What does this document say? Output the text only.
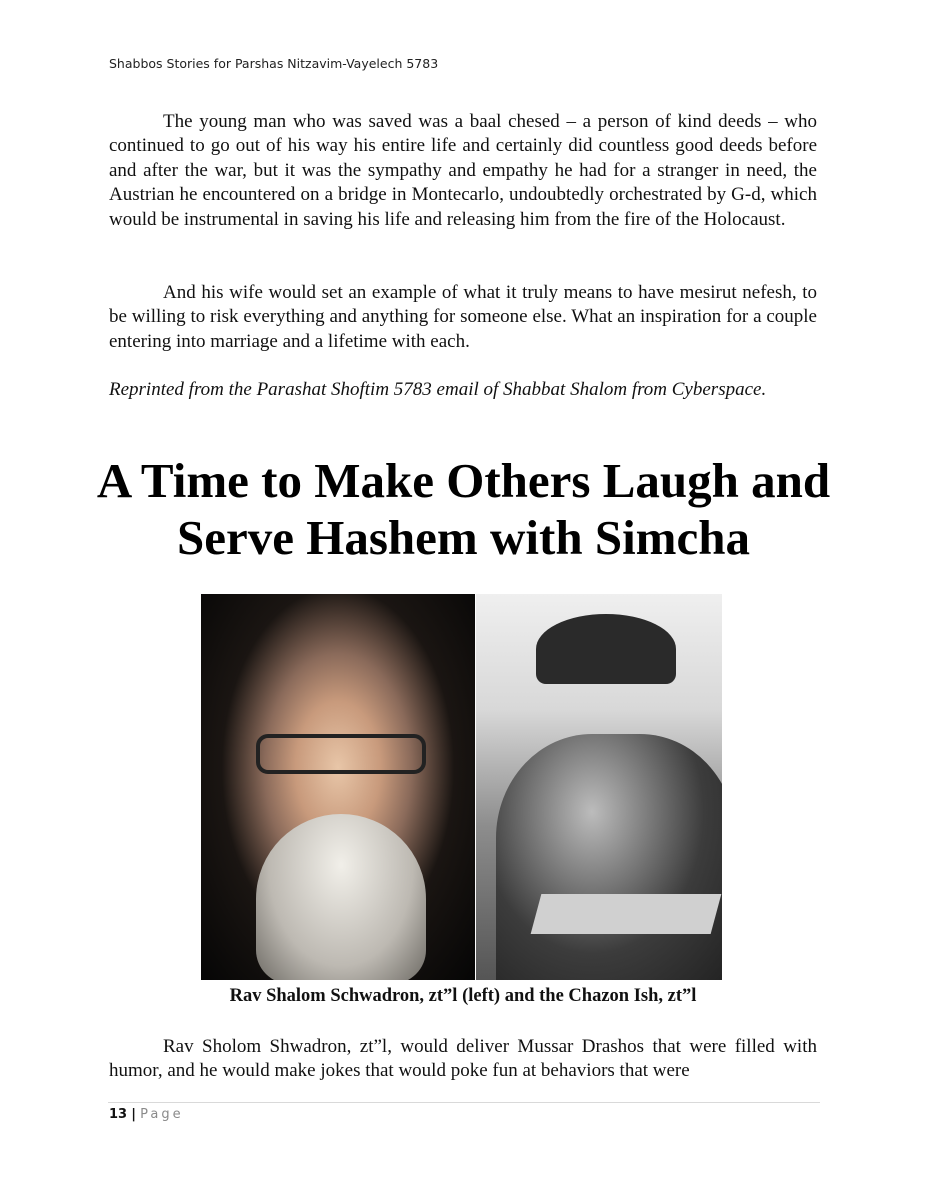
Shabbos Stories for Parshas Nitzavim-Vayelech 5783
The young man who was saved was a baal chesed – a person of kind deeds – who continued to go out of his way his entire life and certainly did countless good deeds before and after the war, but it was the sympathy and empathy he had for a stranger in need, the Austrian he encountered on a bridge in Montecarlo, undoubtedly orchestrated by G-d, which would be instrumental in saving his life and releasing him from the fire of the Holocaust.
And his wife would set an example of what it truly means to have mesirut nefesh, to be willing to risk everything and anything for someone else. What an inspiration for a couple entering into marriage and a lifetime with each.
Reprinted from the Parashat Shoftim 5783 email of Shabbat Shalom from Cyberspace.
A Time to Make Others Laugh and Serve Hashem with Simcha
Rav Shalom Schwadron, zt”l (left) and the Chazon Ish, zt”l
Rav Sholom Shwadron, zt”l, would deliver Mussar Drashos that were filled with humor, and he would make jokes that would poke fun at behaviors that were
13 | Page
